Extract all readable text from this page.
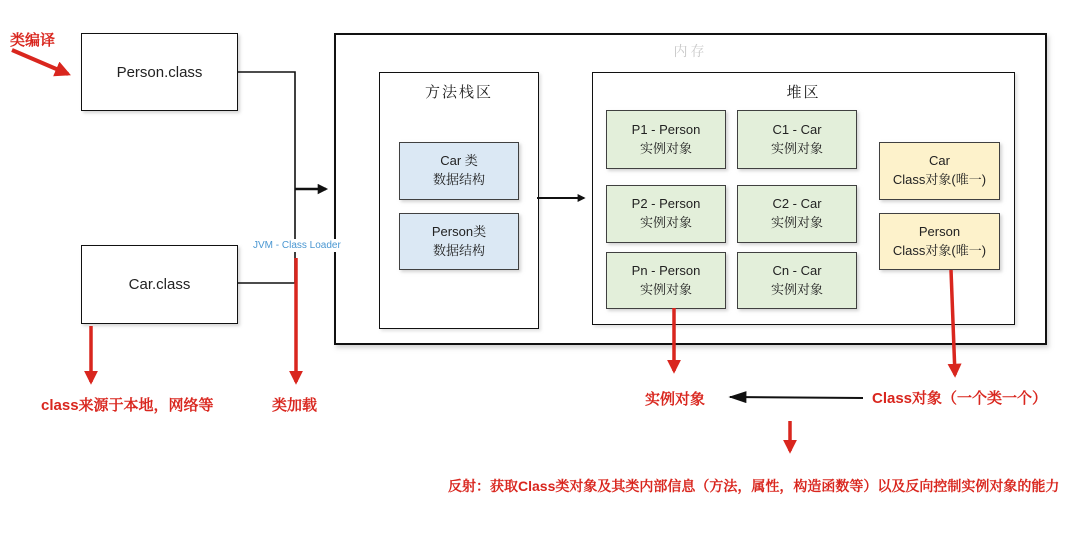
Person.class
Car.class
JVM - Class Loader
内存
方法栈区
Car 类
数据结构
Person类
数据结构
堆区
P1 - Person
实例对象
C1 - Car
实例对象
P2 - Person
实例对象
C2 - Car
实例对象
Pn - Person
实例对象
Cn - Car
实例对象
Car
Class对象(唯一)
Person
Class对象(唯一)
类编译
class来源于本地，网络等	类加载	实例对象	Class对象（一个类一个）
反射：获取Class类对象及其类内部信息（方法，属性，构造函数等）以及反向控制实例对象的能力
